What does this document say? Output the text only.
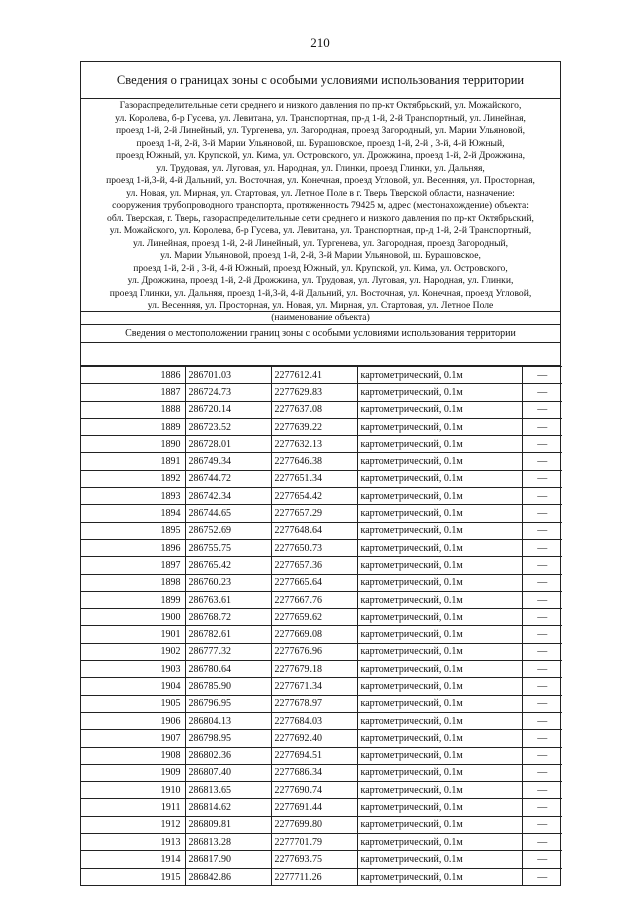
210
Сведения о границах зоны с особыми условиями использования территории
Газораспределительные сети среднего и низкого давления по пр-кт Октябрьский, ул. Можайского,
ул. Королева, б-р Гусева, ул. Левитана, ул. Транспортная, пр-д 1-й, 2-й Транспортный, ул. Линейная,
проезд 1-й, 2-й Линейный, ул. Тургенева, ул. Загородная, проезд Загородный, ул. Марии Ульяновой,
проезд 1-й, 2-й, 3-й Марии Ульяновой, ш. Бурашовское, проезд 1-й, 2-й , 3-й, 4-й Южный,
проезд Южный, ул. Крупской, ул. Кима, ул. Островского, ул. Дрожжина, проезд 1-й, 2-й Дрожжина,
ул. Трудовая, ул. Луговая, ул. Народная, ул. Глинки, проезд Глинки, ул. Дальняя,
проезд 1-й,3-й, 4-й Дальний, ул. Восточная, ул. Конечная, проезд Угловой, ул. Весенняя, ул. Просторная,
ул. Новая, ул. Мирная, ул. Стартовая, ул. Летное Поле в г. Тверь Тверской области, назначение:
сооружения трубопроводного транспорта, протяженность 79425 м, адрес (местонахождение) объекта:
обл. Тверская, г. Тверь, газораспределительные сети среднего и низкого давления по пр-кт Октябрьский,
ул. Можайского, ул. Королева, б-р Гусева, ул. Левитана, ул. Транспортная, пр-д 1-й, 2-й Транспортный,
ул. Линейная, проезд 1-й, 2-й Линейный, ул. Тургенева, ул. Загородная, проезд Загородный,
ул. Марии Ульяновой, проезд 1-й, 2-й, 3-й Марии Ульяновой, ш. Бурашовское,
проезд 1-й, 2-й , 3-й, 4-й Южный, проезд Южный, ул. Крупской, ул. Кима, ул. Островского,
ул. Дрожжина, проезд 1-й, 2-й Дрожжина, ул. Трудовая, ул. Луговая, ул. Народная, ул. Глинки,
проезд Глинки, ул. Дальняя, проезд 1-й,3-й, 4-й Дальний, ул. Восточная, ул. Конечная, проезд Угловой,
ул. Весенняя, ул. Просторная, ул. Новая, ул. Мирная, ул. Стартовая, ул. Летное Поле
(наименование объекта)
Сведения о местоположении границ зоны с особыми условиями использования территории
1886	286701.03	2277612.41	картометрический, 0.1м	—
1887	286724.73	2277629.83	картометрический, 0.1м	—
1888	286720.14	2277637.08	картометрический, 0.1м	—
1889	286723.52	2277639.22	картометрический, 0.1м	—
1890	286728.01	2277632.13	картометрический, 0.1м	—
1891	286749.34	2277646.38	картометрический, 0.1м	—
1892	286744.72	2277651.34	картометрический, 0.1м	—
1893	286742.34	2277654.42	картометрический, 0.1м	—
1894	286744.65	2277657.29	картометрический, 0.1м	—
1895	286752.69	2277648.64	картометрический, 0.1м	—
1896	286755.75	2277650.73	картометрический, 0.1м	—
1897	286765.42	2277657.36	картометрический, 0.1м	—
1898	286760.23	2277665.64	картометрический, 0.1м	—
1899	286763.61	2277667.76	картометрический, 0.1м	—
1900	286768.72	2277659.62	картометрический, 0.1м	—
1901	286782.61	2277669.08	картометрический, 0.1м	—
1902	286777.32	2277676.96	картометрический, 0.1м	—
1903	286780.64	2277679.18	картометрический, 0.1м	—
1904	286785.90	2277671.34	картометрический, 0.1м	—
1905	286796.95	2277678.97	картометрический, 0.1м	—
1906	286804.13	2277684.03	картометрический, 0.1м	—
1907	286798.95	2277692.40	картометрический, 0.1м	—
1908	286802.36	2277694.51	картометрический, 0.1м	—
1909	286807.40	2277686.34	картометрический, 0.1м	—
1910	286813.65	2277690.74	картометрический, 0.1м	—
1911	286814.62	2277691.44	картометрический, 0.1м	—
1912	286809.81	2277699.80	картометрический, 0.1м	—
1913	286813.28	2277701.79	картометрический, 0.1м	—
1914	286817.90	2277693.75	картометрический, 0.1м	—
1915	286842.86	2277711.26	картометрический, 0.1м	—
